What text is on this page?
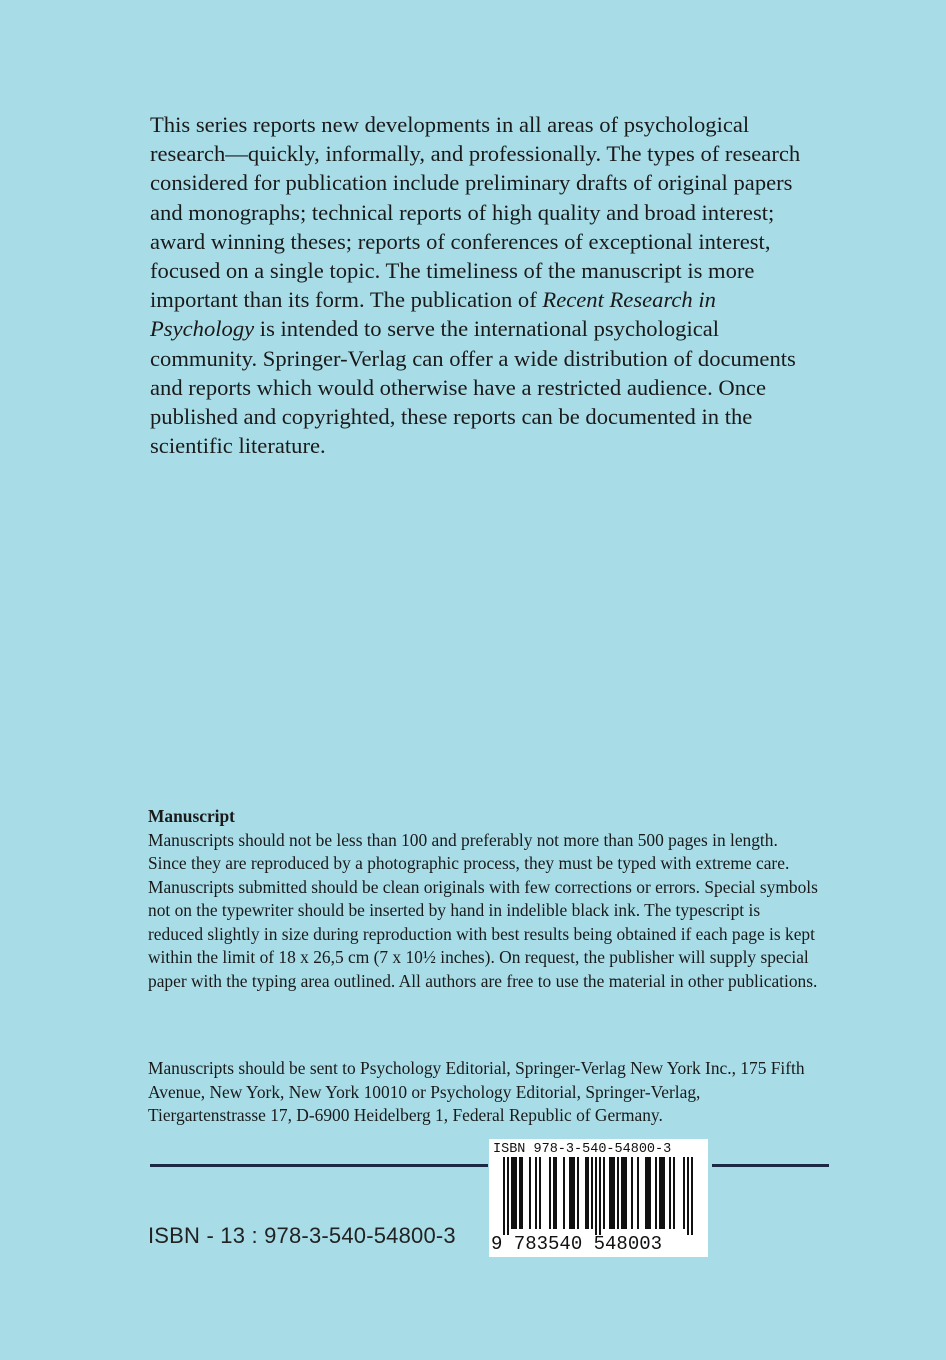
This series reports new developments in all areas of psychological research—quickly, informally, and professionally. The types of research considered for publication include preliminary drafts of original papers and monographs; technical reports of high quality and broad interest; award winning theses; reports of conferences of exceptional interest, focused on a single topic. The timeliness of the manuscript is more important than its form. The publication of Recent Research in Psychology is intended to serve the international psychological community. Springer-Verlag can offer a wide distribution of documents and reports which would otherwise have a restricted audience. Once published and copyrighted, these reports can be documented in the scientific literature.

Manuscript

Manuscripts should not be less than 100 and preferably not more than 500 pages in length. Since they are reproduced by a photographic process, they must be typed with extreme care. Manuscripts submitted should be clean originals with few corrections or errors. Special symbols not on the typewriter should be inserted by hand in indelible black ink. The typescript is reduced slightly in size during reproduction with best results being obtained if each page is kept within the limit of 18 x 26,5 cm (7 x 10½ inches). On request, the publisher will supply special paper with the typing area outlined. All authors are free to use the material in other publications.

Manuscripts should be sent to Psychology Editorial, Springer-Verlag New York Inc., 175 Fifth Avenue, New York, New York 10010 or Psychology Editorial, Springer-Verlag, Tiergartenstrasse 17, D-6900 Heidelberg 1, Federal Republic of Germany.

ISBN - 13 : 978-3-540-54800-3
ISBN 978-3-540-54800-3
9 783540 548003
